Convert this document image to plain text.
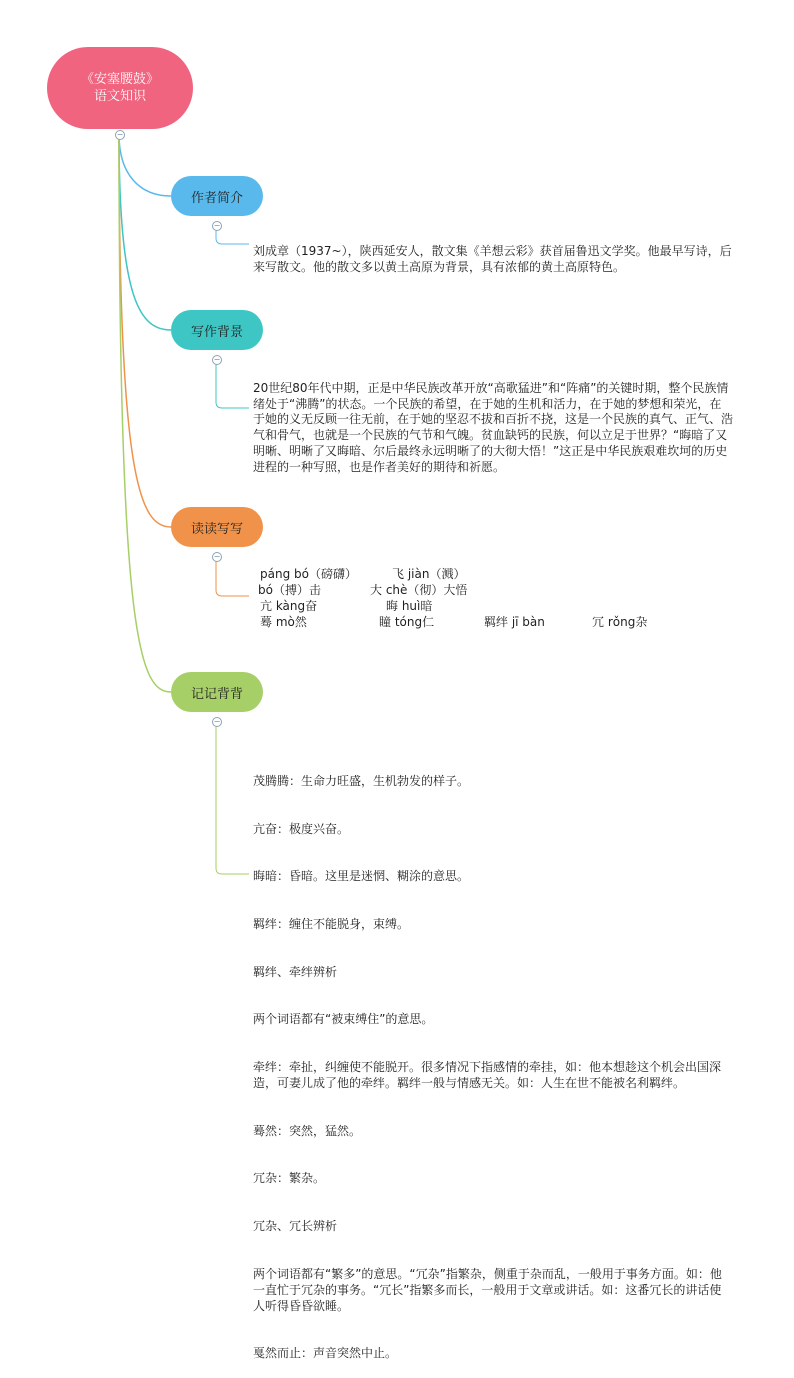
《安塞腰鼓》
语文知识
−
作者简介
−
刘成章（1937~），陕西延安人，散文集《羊想云彩》获首届鲁迅文学奖。他最早写诗，后来写散文。他的散文多以黄土高原为背景，具有浓郁的黄土高原特色。
写作背景
−
20世纪80年代中期，正是中华民族改革开放“高歌猛进”和“阵痛”的关键时期，整个民族情绪处于“沸腾”的状态。一个民族的希望，在于她的生机和活力，在于她的梦想和荣光，在于她的义无反顾一往无前，在于她的坚忍不拔和百折不挠，这是一个民族的真气、正气、浩气和骨气，也就是一个民族的气节和气魄。贫血缺钙的民族，何以立足于世界？“晦暗了又明晰、明晰了又晦暗、尔后最终永远明晰了的大彻大悟！”这正是中华民族艰难坎坷的历史进程的一种写照，也是作者美好的期待和祈愿。
读读写写
−
páng bó（磅礴）	飞 jiàn（溅）
bó（搏）击	大 chè（彻）大悟
亢 kàng奋	晦 huì暗
蓦 mò然	瞳 tóng仁	羁绊 jī bàn	冗 rǒng杂
记记背背
−

茂腾腾：生命力旺盛，生机勃发的样子。

亢奋：极度兴奋。

晦暗：昏暗。这里是迷惘、糊涂的意思。

羁绊：缠住不能脱身，束缚。

羁绊、牵绊辨析

两个词语都有“被束缚住”的意思。

牵绊：牵扯，纠缠使不能脱开。很多情况下指感情的牵挂，如：他本想趁这个机会出国深造，可妻儿成了他的牵绊。羁绊一般与情感无关。如：人生在世不能被名利羁绊。

蓦然：突然，猛然。

冗杂：繁杂。

冗杂、冗长辨析

两个词语都有“繁多”的意思。“冗杂”指繁杂，侧重于杂而乱，一般用于事务方面。如：他一直忙于冗杂的事务。“冗长”指繁多而长，一般用于文章或讲话。如：这番冗长的讲话使人听得昏昏欲睡。

戛然而止：声音突然中止。
